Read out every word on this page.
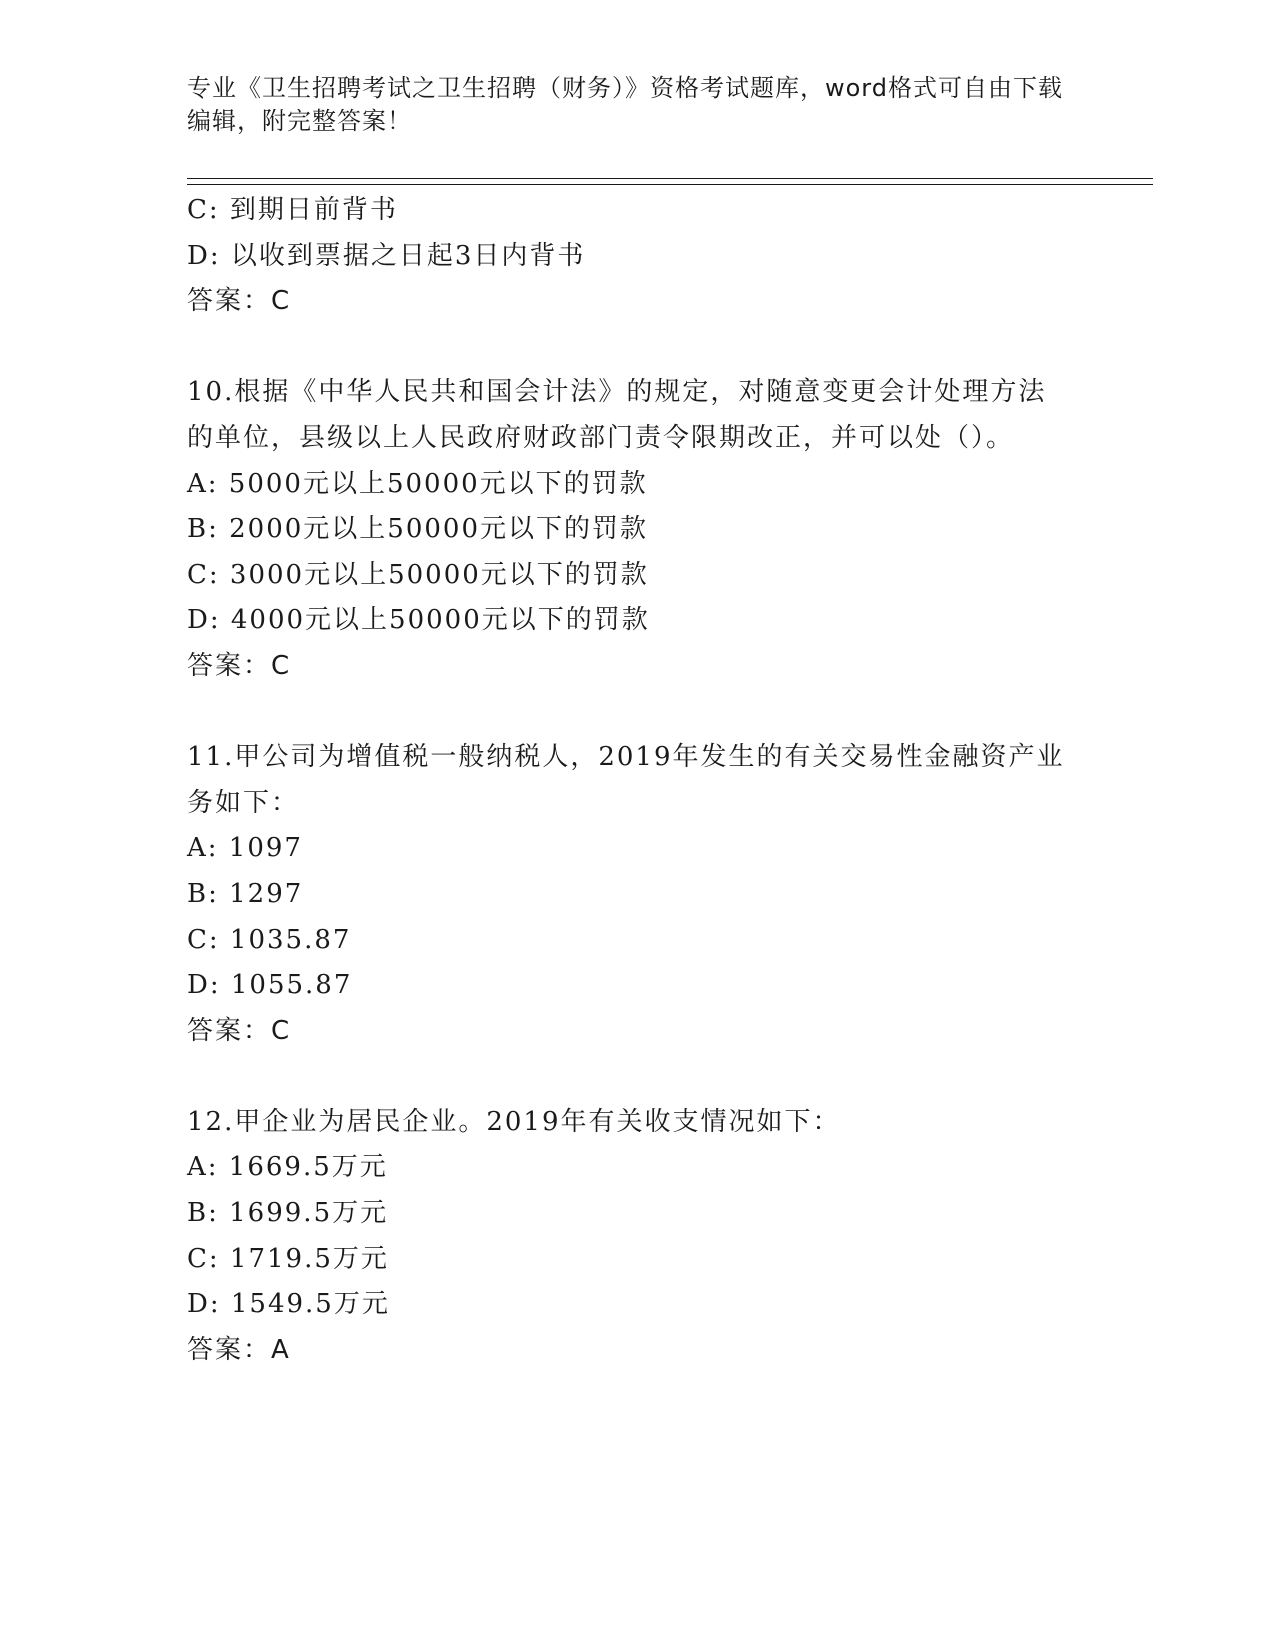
专业《卫生招聘考试之卫生招聘（财务）》资格考试题库，word格式可自由下载
编辑，附完整答案！
C: 到期日前背书
D: 以收到票据之日起3日内背书
答案：C
10.根据《中华人民共和国会计法》的规定，对随意变更会计处理方法
的单位，县级以上人民政府财政部门责令限期改正，并可以处（）。
A: 5000元以上50000元以下的罚款
B: 2000元以上50000元以下的罚款
C: 3000元以上50000元以下的罚款
D: 4000元以上50000元以下的罚款
答案：C
11.甲公司为增值税一般纳税人，2019年发生的有关交易性金融资产业
务如下：
A: 1097
B: 1297
C: 1035.87
D: 1055.87
答案：C
12.甲企业为居民企业。2019年有关收支情况如下：
A: 1669.5万元
B: 1699.5万元
C: 1719.5万元
D: 1549.5万元
答案：A
